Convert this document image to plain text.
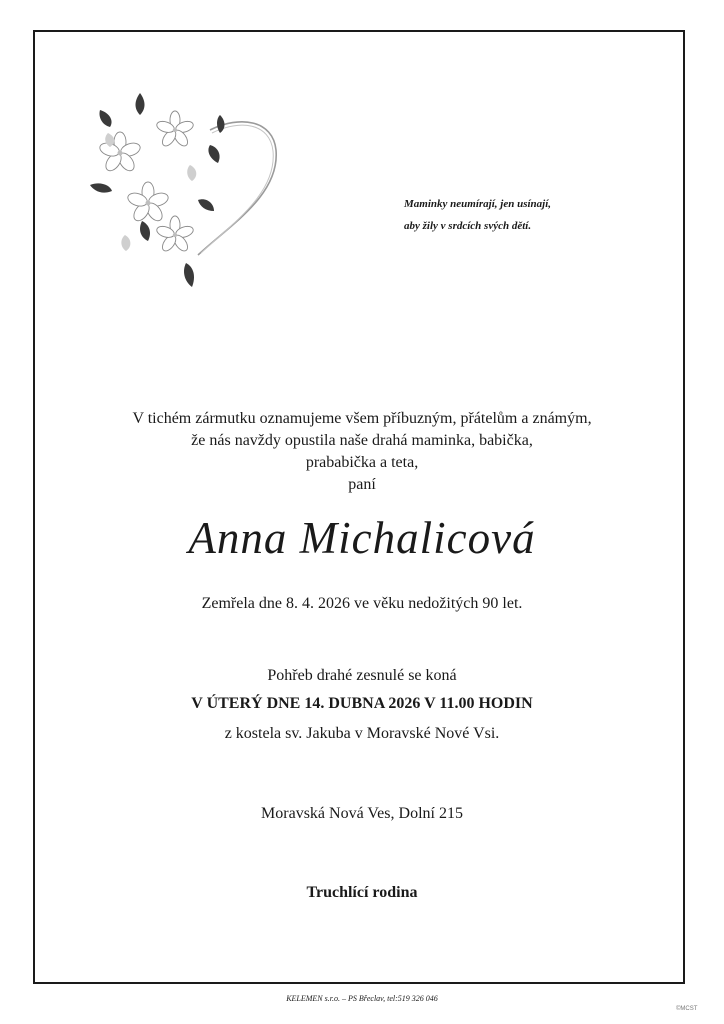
Maminky neumírají, jen usínají,
aby žily v srdcích svých dětí.
V tichém zármutku oznamujeme všem příbuzným, přátelům a známým,
že nás navždy opustila naše drahá maminka, babička,
prababička a teta,
paní
Anna Michalicová
Zemřela dne 8. 4. 2026 ve věku nedožitých 90 let.
Pohřeb drahé zesnulé se koná
V ÚTERÝ DNE 14. DUBNA 2026 V 11.00 HODIN
z kostela sv. Jakuba v Moravské Nové Vsi.
Moravská Nová Ves, Dolní 215
Truchlící rodina
KELEMEN s.r.o. – PS Břeclav, tel:519 326 046
©MCST
